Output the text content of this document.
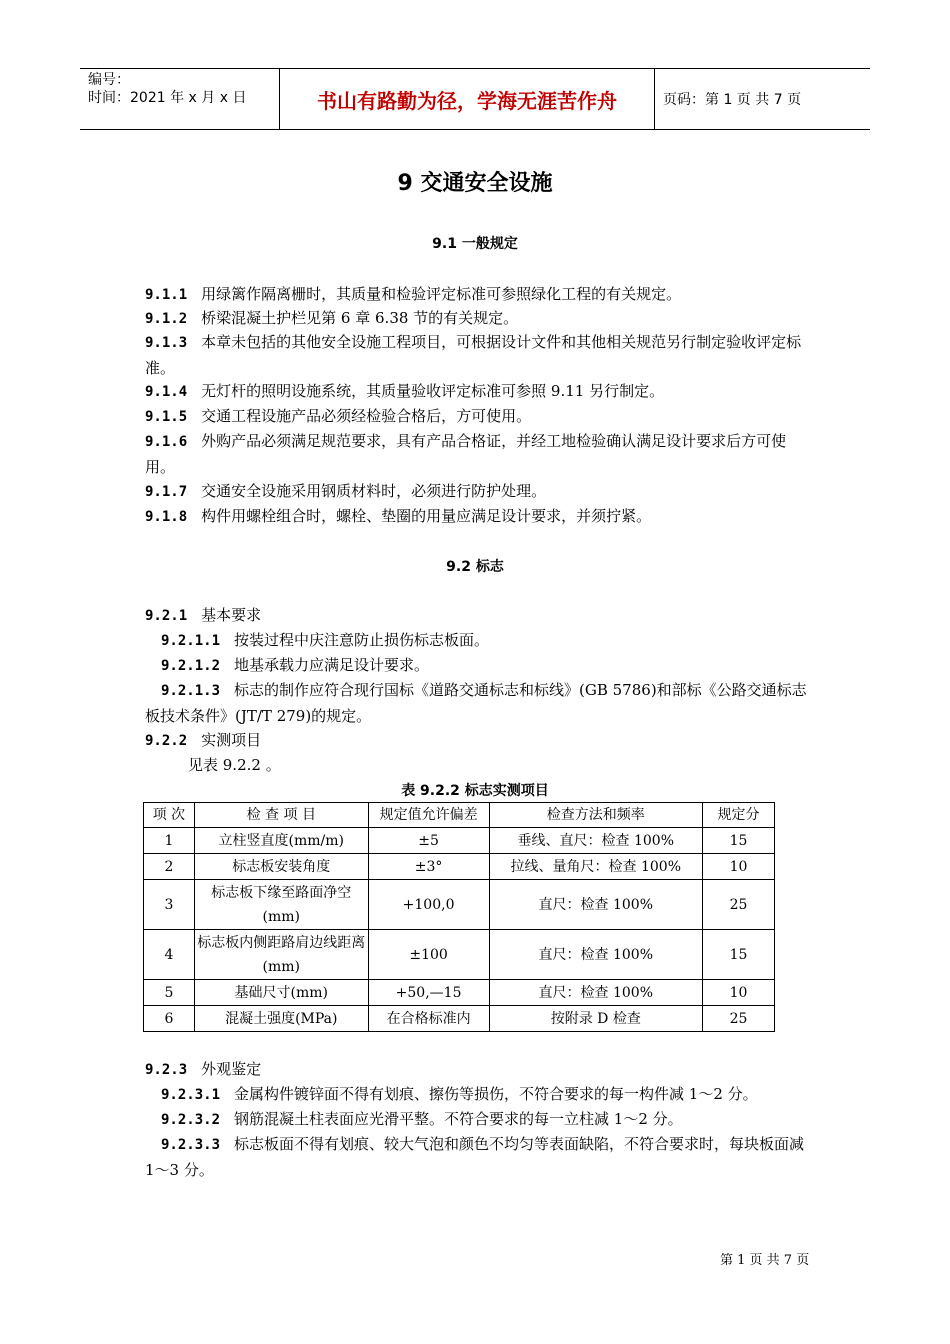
编号：
时间：2021 年 x 月 x 日	书山有路勤为径，学海无涯苦作舟	页码：第 1 页 共 7 页
9 交通安全设施
9.1 一般规定
9.1.1 用绿篱作隔离栅时，其质量和检验评定标准可参照绿化工程的有关规定。
9.1.2 桥梁混凝土护栏见第 6 章 6.38 节的有关规定。
9.1.3 本章未包括的其他安全设施工程项目，可根据设计文件和其他相关规范另行制定验收评定标准。
9.1.4 无灯杆的照明设施系统，其质量验收评定标准可参照 9.11 另行制定。
9.1.5 交通工程设施产品必须经检验合格后，方可使用。
9.1.6 外购产品必须满足规范要求，具有产品合格证，并经工地检验确认满足设计要求后方可使用。
9.1.7 交通安全设施采用钢质材料时，必须进行防护处理。
9.1.8 构件用螺栓组合时，螺栓、垫圈的用量应满足设计要求，并须拧紧。
9.2 标志
9.2.1 基本要求
9.2.1.1 按装过程中庆注意防止损伤标志板面。
9.2.1.2 地基承载力应满足设计要求。
9.2.1.3 标志的制作应符合现行国标《道路交通标志和标线》(GB 5786)和部标《公路交通标志板技术条件》(JT/T 279)的规定。
9.2.2 实测项目
见表 9.2.2 。
表 9.2.2 标志实测项目
项 次	检 查 项 目	规定值允许偏差	检查方法和频率	规定分
1	立柱竖直度(mm/m)	±5	垂线、直尺：检查 100%	15
2	标志板安装角度	±3°	拉线、量角尺：检查 100%	10
3	标志板下缘至路面净空(mm)	+100,0	直尺：检查 100%	25
4	标志板内侧距路肩边线距离(mm)	±100	直尺：检查 100%	15
5	基础尺寸(mm)	+50,—15	直尺：检查 100%	10
6	混凝土强度(MPa)	在合格标准内	按附录 D 检查	25
9.2.3 外观鉴定
9.2.3.1 金属构件镀锌面不得有划痕、擦伤等损伤，不符合要求的每一构件减 1～2 分。
9.2.3.2 钢筋混凝土柱表面应光滑平整。不符合要求的每一立柱减 1～2 分。
9.2.3.3 标志板面不得有划痕、较大气泡和颜色不均匀等表面缺陷，不符合要求时，每块板面减 1～3 分。
第 1 页 共 7 页
